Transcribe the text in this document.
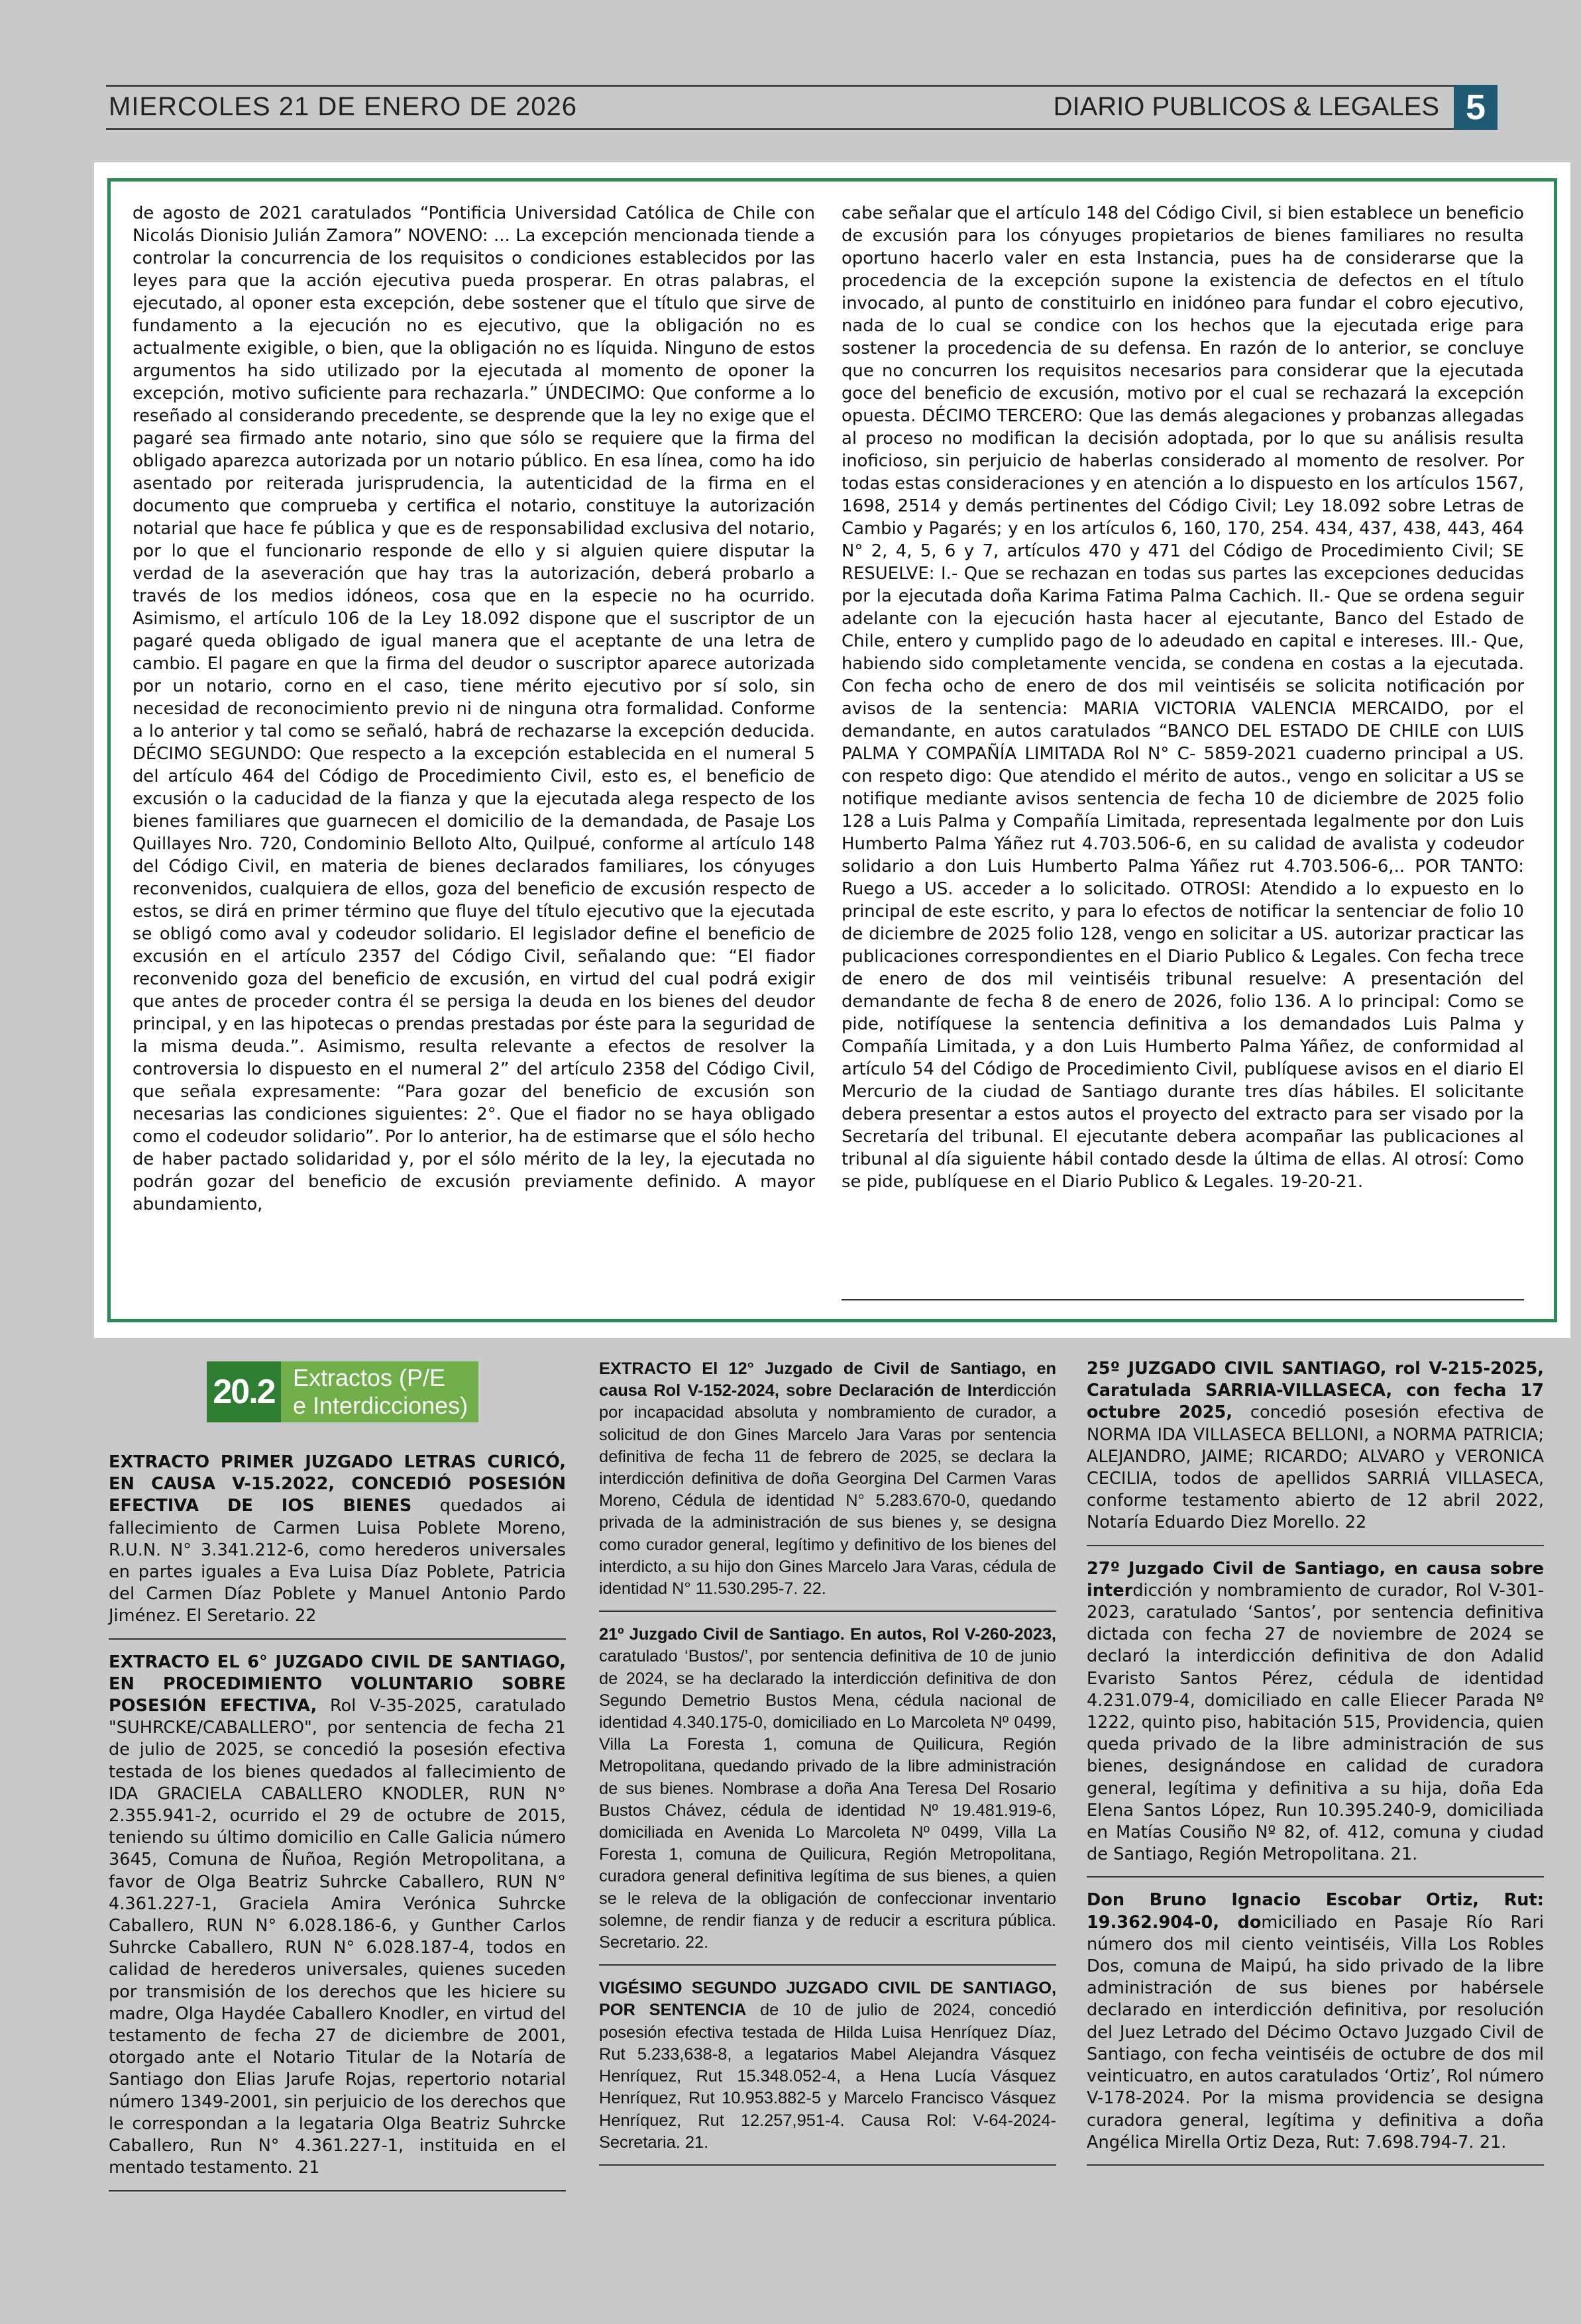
MIERCOLES 21 DE ENERO DE 2026	DIARIO PUBLICOS & LEGALES 5

de agosto de 2021 caratulados “Pontificia Universidad Católica de Chile con Nicolás Dionisio Julián Zamora” NOVENO: ... La excepción mencionada tiende a controlar la concurrencia de los requisitos o condiciones establecidos por las leyes para que la acción ejecutiva pueda prosperar. En otras palabras, el ejecutado, al oponer esta excepción, debe sostener que el título que sirve de fundamento a la ejecución no es ejecutivo, que la obligación no es actualmente exigible, o bien, que la obligación no es líquida. Ninguno de estos argumentos ha sido utilizado por la ejecutada al momento de oponer la excepción, motivo suficiente para rechazarla.” ÚNDECIMO: Que conforme a lo reseñado al considerando precedente, se desprende que la ley no exige que el pagaré sea firmado ante notario, sino que sólo se requiere que la firma del obligado aparezca autorizada por un notario público. En esa línea, como ha ido asentado por reiterada jurisprudencia, la autenticidad de la firma en el documento que comprueba y certifica el notario, constituye la autorización notarial que hace fe pública y que es de responsabilidad exclusiva del notario, por lo que el funcionario responde de ello y si alguien quiere disputar la verdad de la aseveración que hay tras la autorización, deberá probarlo a través de los medios idóneos, cosa que en la especie no ha ocurrido. Asimismo, el artículo 106 de la Ley 18.092 dispone que el suscriptor de un pagaré queda obligado de igual manera que el aceptante de una letra de cambio. El pagare en que la firma del deudor o suscriptor aparece autorizada por un notario, corno en el caso, tiene mérito ejecutivo por sí solo, sin necesidad de reconocimiento previo ni de ninguna otra formalidad. Conforme a lo anterior y tal como se señaló, habrá de rechazarse la excepción deducida. DÉCIMO SEGUNDO: Que respecto a la excepción establecida en el numeral 5 del artículo 464 del Código de Procedimiento Civil, esto es, el beneficio de excusión o la caducidad de la fianza y que la ejecutada alega respecto de los bienes familiares que guarnecen el domicilio de la demandada, de Pasaje Los Quillayes Nro. 720, Condominio Belloto Alto, Quilpué, conforme al artículo 148 del Código Civil, en materia de bienes declarados familiares, los cónyuges reconvenidos, cualquiera de ellos, goza del beneficio de excusión respecto de estos, se dirá en primer término que fluye del título ejecutivo que la ejecutada se obligó como aval y codeudor solidario. El legislador define el beneficio de excusión en el artículo 2357 del Código Civil, señalando que: “El fiador reconvenido goza del beneficio de excusión, en virtud del cual podrá exigir que antes de proceder contra él se persiga la deuda en los bienes del deudor principal, y en las hipotecas o prendas prestadas por éste para la seguridad de la misma deuda.”. Asimismo, resulta relevante a efectos de resolver la controversia lo dispuesto en el numeral 2” del artículo 2358 del Código Civil, que señala expresamente: “Para gozar del beneficio de excusión son necesarias las condiciones siguientes: 2°. Que el fiador no se haya obligado como el codeudor solidario”. Por lo anterior, ha de estimarse que el sólo hecho de haber pactado solidaridad y, por el sólo mérito de la ley, la ejecutada no podrán gozar del beneficio de excusión previamente definido. A mayor abundamiento,

cabe señalar que el artículo 148 del Código Civil, si bien establece un beneficio de excusión para los cónyuges propietarios de bienes familiares no resulta oportuno hacerlo valer en esta Instancia, pues ha de considerarse que la procedencia de la excepción supone la existencia de defectos en el título invocado, al punto de constituirlo en inidóneo para fundar el cobro ejecutivo, nada de lo cual se condice con los hechos que la ejecutada erige para sostener la procedencia de su defensa. En razón de lo anterior, se concluye que no concurren los requisitos necesarios para considerar que la ejecutada goce del beneficio de excusión, motivo por el cual se rechazará la excepción opuesta. DÉCIMO TERCERO: Que las demás alegaciones y probanzas allegadas al proceso no modifican la decisión adoptada, por lo que su análisis resulta inoficioso, sin perjuicio de haberlas considerado al momento de resolver. Por todas estas consideraciones y en atención a lo dispuesto en los artículos 1567, 1698, 2514 y demás pertinentes del Código Civil; Ley 18.092 sobre Letras de Cambio y Pagarés; y en los artículos 6, 160, 170, 254. 434, 437, 438, 443, 464 N° 2, 4, 5, 6 y 7, artículos 470 y 471 del Código de Procedimiento Civil; SE RESUELVE: I.- Que se rechazan en todas sus partes las excepciones deducidas por la ejecutada doña Karima Fatima Palma Cachich. II.- Que se ordena seguir adelante con la ejecución hasta hacer al ejecutante, Banco del Estado de Chile, entero y cumplido pago de lo adeudado en capital e intereses. III.- Que, habiendo sido completamente vencida, se condena en costas a la ejecutada. Con fecha ocho de enero de dos mil veintiséis se solicita notificación por avisos de la sentencia: MARIA VICTORIA VALENCIA MERCAIDO, por el demandante, en autos caratulados “BANCO DEL ESTADO DE CHILE con LUIS PALMA Y COMPAÑÍA LIMITADA Rol N° C- 5859-2021 cuaderno principal a US. con respeto digo: Que atendido el mérito de autos., vengo en solicitar a US se notifique mediante avisos sentencia de fecha 10 de diciembre de 2025 folio 128 a Luis Palma y Compañía Limitada, representada legalmente por don Luis Humberto Palma Yáñez rut 4.703.506-6, en su calidad de avalista y codeudor solidario a don Luis Humberto Palma Yáñez rut 4.703.506-6,.. POR TANTO: Ruego a US. acceder a lo solicitado. OTROSI: Atendido a lo expuesto en lo principal de este escrito, y para lo efectos de notificar la sentenciar de folio 10 de diciembre de 2025 folio 128, vengo en solicitar a US. autorizar practicar las publicaciones correspondientes en el Diario Publico & Legales. Con fecha trece de enero de dos mil veintiséis tribunal resuelve: A presentación del demandante de fecha 8 de enero de 2026, folio 136. A lo principal: Como se pide, notifíquese la sentencia definitiva a los demandados Luis Palma y Compañía Limitada, y a don Luis Humberto Palma Yáñez, de conformidad al artículo 54 del Código de Procedimiento Civil, publíquese avisos en el diario El Mercurio de la ciudad de Santiago durante tres días hábiles. El solicitante debera presentar a estos autos el proyecto del extracto para ser visado por la Secretaría del tribunal. El ejecutante debera acompañar las publicaciones al tribunal al día siguiente hábil contado desde la última de ellas. Al otrosí: Como se pide, publíquese en el Diario Publico & Legales. 19-20-21.

20.2 Extractos (P/E
e Interdicciones)

EXTRACTO PRIMER JUZGADO LETRAS CURICÓ, EN CAUSA V-15.2022, CONCEDIÓ POSESIÓN EFECTIVA DE IOS BIENES quedados ai fallecimiento de Carmen Luisa Poblete Moreno, R.U.N. N° 3.341.212-6, como herederos universales en partes iguales a Eva Luisa Díaz Poblete, Patricia del Carmen Díaz Poblete y Manuel Antonio Pardo Jiménez. El Seretario. 22

EXTRACTO EL 6° JUZGADO CIVIL DE SANTIAGO, EN PROCEDIMIENTO VOLUNTARIO SOBRE POSESIÓN EFECTIVA, Rol V-35-2025, caratulado "SUHRCKE/CABALLERO", por sentencia de fecha 21 de julio de 2025, se concedió la posesión efectiva testada de los bienes quedados al fallecimiento de IDA GRACIELA CABALLERO KNODLER, RUN N° 2.355.941-2, ocurrido el 29 de octubre de 2015, teniendo su último domicilio en Calle Galicia número 3645, Comuna de Ñuñoa, Región Metropolitana, a favor de Olga Beatriz Suhrcke Caballero, RUN N° 4.361.227-1, Graciela Amira Verónica Suhrcke Caballero, RUN N° 6.028.186-6, y Gunther Carlos Suhrcke Caballero, RUN N° 6.028.187-4, todos en calidad de herederos universales, quienes suceden por transmisión de los derechos que les hiciere su madre, Olga Haydée Caballero Knodler, en virtud del testamento de fecha 27 de diciembre de 2001, otorgado ante el Notario Titular de la Notaría de Santiago don Elias Jarufe Rojas, repertorio notarial número 1349-2001, sin perjuicio de los derechos que le correspondan a la legataria Olga Beatriz Suhrcke Caballero, Run N° 4.361.227-1, instituida en el mentado testamento. 21

EXTRACTO El 12° Juzgado de Civil de Santiago, en causa Rol V-152-2024, sobre Declaración de Interdicción por incapacidad absoluta y nombramiento de curador, a solicitud de don Gines Marcelo Jara Varas por sentencia definitiva de fecha 11 de febrero de 2025, se declara la interdicción definitiva de doña Georgina Del Carmen Varas Moreno, Cédula de identidad N° 5.283.670-0, quedando privada de la administración de sus bienes y, se designa como curador general, legítimo y definitivo de los bienes del interdicto, a su hijo don Gines Marcelo Jara Varas, cédula de identidad N° 11.530.295-7. 22.

21º Juzgado Civil de Santiago. En autos, Rol V-260-2023, caratulado ‘Bustos/’, por sentencia definitiva de 10 de junio de 2024, se ha declarado la interdicción definitiva de don Segundo Demetrio Bustos Mena, cédula nacional de identidad 4.340.175-0, domiciliado en Lo Marcoleta Nº 0499, Villa La Foresta 1, comuna de Quilicura, Región Metropolitana, quedando privado de la libre administración de sus bienes. Nombrase a doña Ana Teresa Del Rosario Bustos Chávez, cédula de identidad Nº 19.481.919-6, domiciliada en Avenida Lo Marcoleta Nº 0499, Villa La Foresta 1, comuna de Quilicura, Región Metropolitana, curadora general definitiva legítima de sus bienes, a quien se le releva de la obligación de confeccionar inventario solemne, de rendir fianza y de reducir a escritura pública. Secretario. 22.

VIGÉSIMO SEGUNDO JUZGADO CIVIL DE SANTIAGO, POR SENTENCIA de 10 de julio de 2024, concedió posesión efectiva testada de Hilda Luisa Henríquez Díaz, Rut 5.233,638-8, a legatarios Mabel Alejandra Vásquez Henríquez, Rut 15.348.052-4, a Hena Lucía Vásquez Henríquez, Rut 10.953.882-5 y Marcelo Francisco Vásquez Henríquez, Rut 12.257,951-4. Causa Rol: V-64-2024- Secretaria. 21.

25º JUZGADO CIVIL SANTIAGO, rol V-215-2025, Caratulada SARRIA-VILLASECA, con fecha 17 octubre 2025, concedió posesión efectiva de NORMA IDA VILLASECA BELLONI, a NORMA PATRICIA; ALEJANDRO, JAIME; RICARDO; ALVARO y VERONICA CECILIA, todos de apellidos SARRIÁ VILLASECA, conforme testamento abierto de 12 abril 2022, Notaría Eduardo Diez Morello. 22

27º Juzgado Civil de Santiago, en causa sobre interdicción y nombramiento de curador, Rol V-301-2023, caratulado ‘Santos’, por sentencia definitiva dictada con fecha 27 de noviembre de 2024 se declaró la interdicción definitiva de don Adalid Evaristo Santos Pérez, cédula de identidad 4.231.079-4, domiciliado en calle Eliecer Parada Nº 1222, quinto piso, habitación 515, Providencia, quien queda privado de la libre administración de sus bienes, designándose en calidad de curadora general, legítima y definitiva a su hija, doña Eda Elena Santos López, Run 10.395.240-9, domiciliada en Matías Cousiño Nº 82, of. 412, comuna y ciudad de Santiago, Región Metropolitana. 21.

Don Bruno Ignacio Escobar Ortiz, Rut: 19.362.904-0, domiciliado en Pasaje Río Rari número dos mil ciento veintiséis, Villa Los Robles Dos, comuna de Maipú, ha sido privado de la libre administración de sus bienes por habérsele declarado en interdicción definitiva, por resolución del Juez Letrado del Décimo Octavo Juzgado Civil de Santiago, con fecha veintiséis de octubre de dos mil veinticuatro, en autos caratulados ‘Ortiz’, Rol número V-178-2024. Por la misma providencia se designa curadora general, legítima y definitiva a doña Angélica Mirella Ortiz Deza, Rut: 7.698.794-7. 21.
